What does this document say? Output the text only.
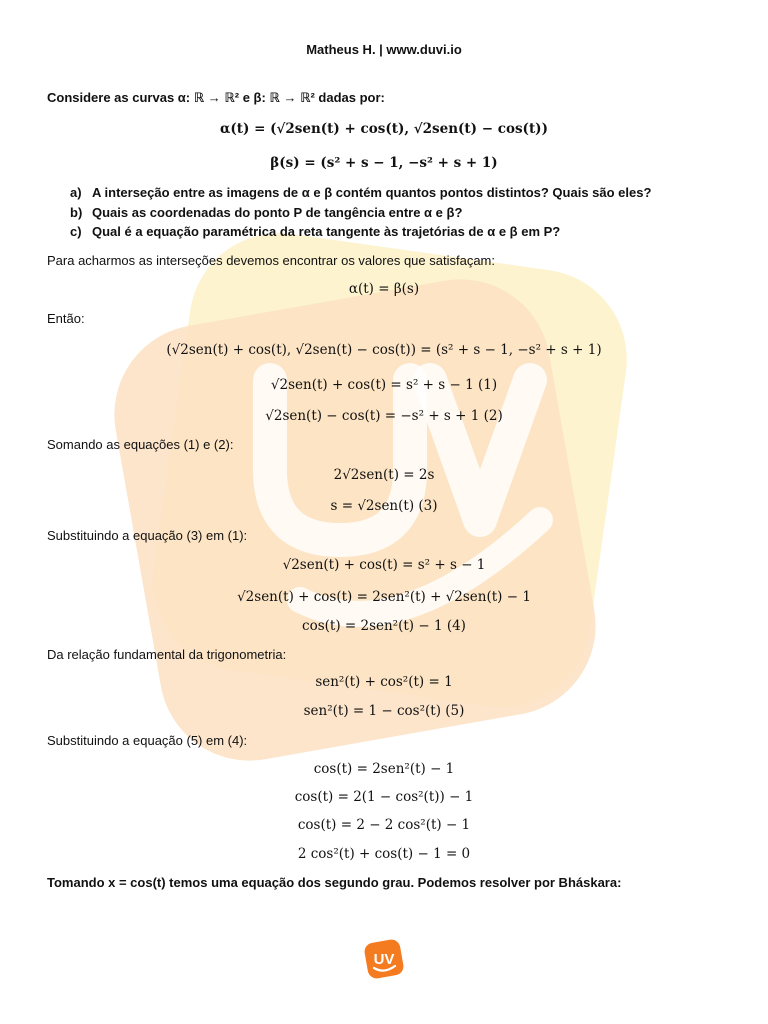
Matheus H. | www.duvi.io
Considere as curvas α: ℝ → ℝ² e β: ℝ → ℝ² dadas por:
α(t) = (√2sen(t) + cos(t), √2sen(t) − cos(t))
β(s) = (s² + s − 1, −s² + s + 1)
a) A interseção entre as imagens de α e β contém quantos pontos distintos? Quais são eles?
b) Quais as coordenadas do ponto P de tangência entre α e β?
c) Qual é a equação paramétrica da reta tangente às trajetórias de α e β em P?
Para acharmos as interseções devemos encontrar os valores que satisfaçam:
α(t) = β(s)
Então:
(√2sen(t) + cos(t), √2sen(t) − cos(t)) = (s² + s − 1, −s² + s + 1)
√2sen(t) + cos(t) = s² + s − 1 (1)
√2sen(t) − cos(t) = −s² + s + 1 (2)
Somando as equações (1) e (2):
2√2sen(t) = 2s
s = √2sen(t) (3)
Substituindo a equação (3) em (1):
√2sen(t) + cos(t) = s² + s − 1
√2sen(t) + cos(t) = 2sen²(t) + √2sen(t) − 1
cos(t) = 2sen²(t) − 1 (4)
Da relação fundamental da trigonometria:
sen²(t) + cos²(t) = 1
sen²(t) = 1 − cos²(t) (5)
Substituindo a equação (5) em (4):
cos(t) = 2sen²(t) − 1
cos(t) = 2(1 − cos²(t)) − 1
cos(t) = 2 − 2 cos²(t) − 1
2 cos²(t) + cos(t) − 1 = 0
Tomando x = cos(t) temos uma equação dos segundo grau. Podemos resolver por Bháskara:
UV
